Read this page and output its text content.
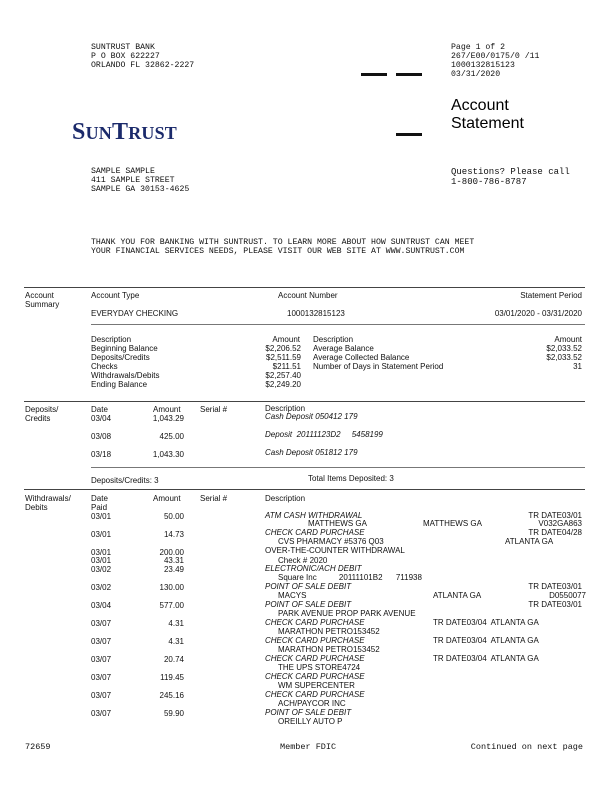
SUNTRUST BANK
P O BOX 622227
ORLANDO FL 32862-2227
Page 1 of 2
267/E00/0175/0 /11
1000132815123
03/31/2020
SUNTRUST
Account
Statement
SAMPLE SAMPLE
411 SAMPLE STREET
SAMPLE GA 30153-4625
Questions? Please call
1-800-786-8787
THANK YOU FOR BANKING WITH SUNTRUST. TO LEARN MORE ABOUT HOW SUNTRUST CAN MEET
YOUR FINANCIAL SERVICES NEEDS, PLEASE VISIT OUR WEB SITE AT WWW.SUNTRUST.COM
Account
Summary
Account Type	Account Number	Statement Period
EVERYDAY CHECKING	1000132815123	03/01/2020 - 03/31/2020
Description	Amount Description	Amount
Beginning Balance	$2,206.52
Deposits/Credits	$2,511.59
Checks	$211.51
Withdrawals/Debits	$2,257.40
Ending Balance	$2,249.20
Average Balance	$2,033.52
Average Collected Balance	$2,033.52
Number of Days in Statement Period	31
Deposits/
Credits
Date	Amount Serial #	Description
03/04	1,043.29	Cash Deposit 050412 179
03/08	425.00	Deposit  20111123D2     5458199
03/18	1,043.30	Cash Deposit 051812 179
Deposits/Credits: 3	Total Items Deposited: 3
Withdrawals/
Debits
Date
Paid
Amount Serial #	Description
03/01	50.00	ATM CASH WITHDRAWAL
MATTHEWS GA
TR DATE03/01
MATTHEWS GA	V032GA863
03/01	14.73	CHECK CARD PURCHASE
CVS PHARMACY #5376 Q03
TR DATE04/28
ATLANTA GA
03/01	200.00	OVER-THE-COUNTER WITHDRAWAL
03/01	43.31	Check # 2020
03/02	23.49	ELECTRONIC/ACH DEBIT
Square Inc          20111101B2      711938
03/02	130.00	POINT OF SALE DEBIT
MACYS
TR DATE03/01
ATLANTA GA	D0550077
03/04	577.00	POINT OF SALE DEBIT
PARK AVENUE PROP PARK AVENUE
TR DATE03/01
03/07	4.31	CHECK CARD PURCHASE
MARATHON PETRO153452
TR DATE03/04  ATLANTA GA
03/07	4.31	CHECK CARD PURCHASE
MARATHON PETRO153452
TR DATE03/04  ATLANTA GA
03/07	20.74	CHECK CARD PURCHASE
THE UPS STORE4724
TR DATE03/04  ATLANTA GA
03/07	119.45	CHECK CARD PURCHASE
WM SUPERCENTER
03/07	245.16	CHECK CARD PURCHASE
ACH/PAYCOR INC
03/07	59.90	POINT OF SALE DEBIT
OREILLY AUTO P
72659	Member FDIC	Continued on next page
